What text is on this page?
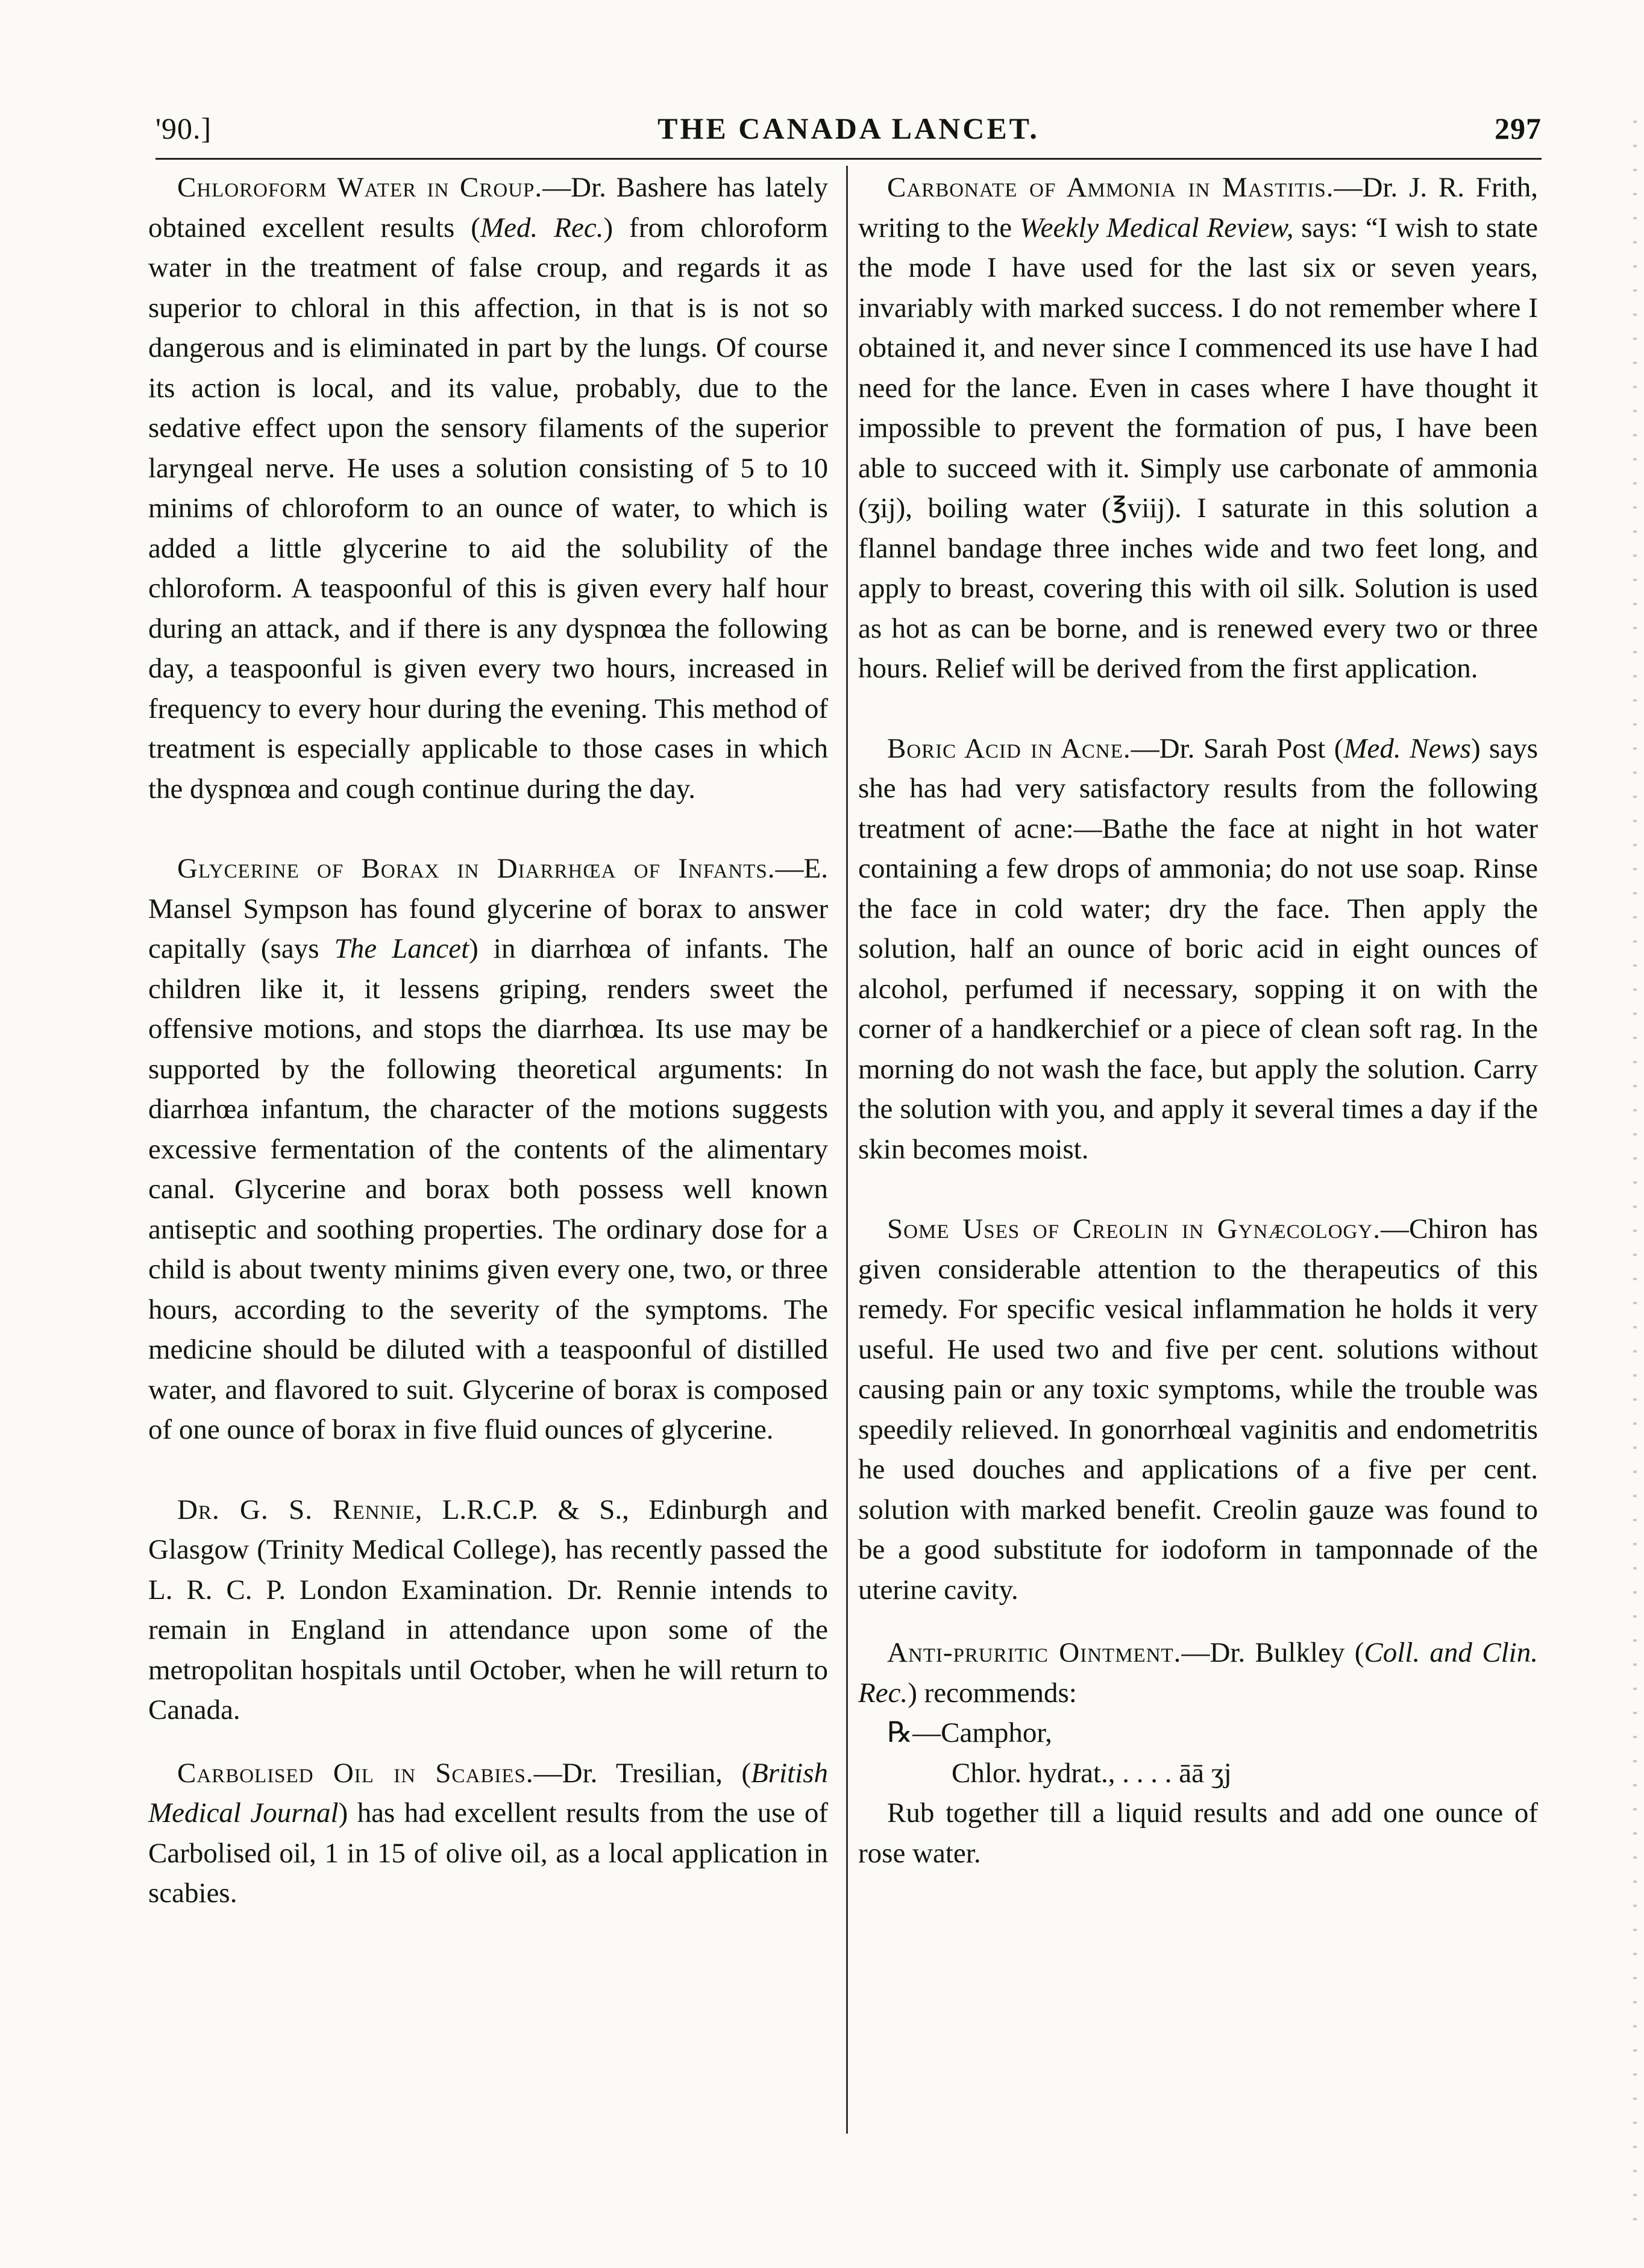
'90.]	THE CANADA LANCET.	297

Chloroform Water in Croup.—Dr. Bashere has lately obtained excellent results (Med. Rec.) from chloroform water in the treatment of false croup, and regards it as superior to chloral in this affection, in that is is not so dangerous and is eliminated in part by the lungs. Of course its action is local, and its value, probably, due to the sedative effect upon the sensory filaments of the superior laryngeal nerve. He uses a solution consisting of 5 to 10 minims of chloroform to an ounce of water, to which is added a little glycerine to aid the solubility of the chloroform. A teaspoonful of this is given every half hour during an attack, and if there is any dyspnœa the following day, a teaspoonful is given every two hours, increased in frequency to every hour during the evening. This method of treatment is especially applicable to those cases in which the dyspnœa and cough continue during the day.

Glycerine of Borax in Diarrhœa of Infants.—E. Mansel Sympson has found glycerine of borax to answer capitally (says The Lancet) in diarrhœa of infants. The children like it, it lessens griping, renders sweet the offensive motions, and stops the diarrhœa. Its use may be supported by the following theoretical arguments: In diarrhœa infantum, the character of the motions suggests excessive fermentation of the contents of the alimentary canal. Glycerine and borax both possess well known antiseptic and soothing properties. The ordinary dose for a child is about twenty minims given every one, two, or three hours, according to the severity of the symptoms. The medicine should be diluted with a teaspoonful of distilled water, and flavored to suit. Glycerine of borax is composed of one ounce of borax in five fluid ounces of glycerine.

Dr. G. S. Rennie, L.R.C.P. & S., Edinburgh and Glasgow (Trinity Medical College), has recently passed the L. R. C. P. London Examination. Dr. Rennie intends to remain in England in attendance upon some of the metropolitan hospitals until October, when he will return to Canada.

Carbolised Oil in Scabies.—Dr. Tresilian, (British Medical Journal) has had excellent results from the use of Carbolised oil, 1 in 15 of olive oil, as a local application in scabies.

Carbonate of Ammonia in Mastitis.—Dr. J. R. Frith, writing to the Weekly Medical Review, says: “I wish to state the mode I have used for the last six or seven years, invariably with marked success. I do not remember where I obtained it, and never since I commenced its use have I had need for the lance. Even in cases where I have thought it impossible to prevent the formation of pus, I have been able to succeed with it. Simply use carbonate of ammonia (ʒij), boiling water (℥viij). I saturate in this solution a flannel bandage three inches wide and two feet long, and apply to breast, covering this with oil silk. Solution is used as hot as can be borne, and is renewed every two or three hours. Relief will be derived from the first application.

Boric Acid in Acne.—Dr. Sarah Post (Med. News) says she has had very satisfactory results from the following treatment of acne:—Bathe the face at night in hot water containing a few drops of ammonia; do not use soap. Rinse the face in cold water; dry the face. Then apply the solution, half an ounce of boric acid in eight ounces of alcohol, perfumed if necessary, sopping it on with the corner of a handkerchief or a piece of clean soft rag. In the morning do not wash the face, but apply the solution. Carry the solution with you, and apply it several times a day if the skin becomes moist.

Some Uses of Creolin in Gynæcology.—Chiron has given considerable attention to the therapeutics of this remedy. For specific vesical inflammation he holds it very useful. He used two and five per cent. solutions without causing pain or any toxic symptoms, while the trouble was speedily relieved. In gonorrhœal vaginitis and endometritis he used douches and applications of a five per cent. solution with marked benefit. Creolin gauze was found to be a good substitute for iodoform in tamponnade of the uterine cavity.

Anti-pruritic Ointment.—Dr. Bulkley (Coll. and Clin. Rec.) recommends:

℞—Camphor,
Chlor. hydrat., . . . . āā ʒj

Rub together till a liquid results and add one ounce of rose water.
